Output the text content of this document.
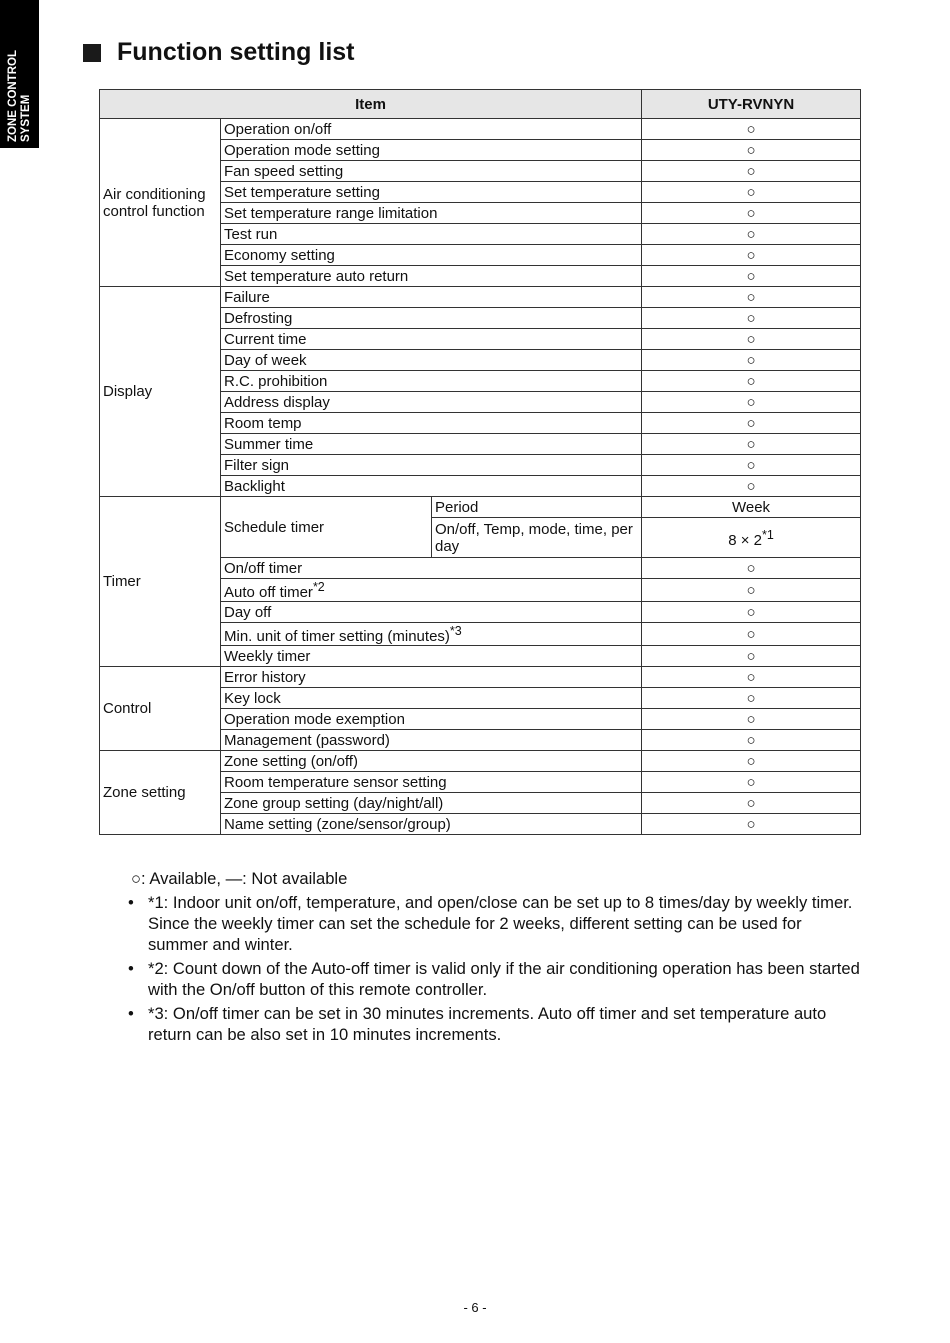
ZONE CONTROL SYSTEM
Function setting list
Item			UTY-RVNYN
Air conditioning control function	Operation on/off		○
	Operation mode setting		○
	Fan speed setting		○
	Set temperature setting		○
	Set temperature range limitation		○
	Test run		○
	Economy setting		○
	Set temperature auto return		○
Display	Failure		○
	Defrosting		○
	Current time		○
	Day of week		○
	R.C. prohibition		○
	Address display		○
	Room temp		○
	Summer time		○
	Filter sign		○
	Backlight		○
Timer	Schedule timer	Period	Week
		On/off, Temp, mode, time, per day	$8 \times 2^{*1}$
	On/off timer		○
	Auto off timer$^{*2}$		○
	Day off		○
	Min. unit of timer setting (minutes)$^{*3}$		○
	Weekly timer		○
Control	Error history		○
	Key lock		○
	Operation mode exemption		○
	Management (password)		○
Zone setting	Zone setting (on/off)		○
	Room temperature sensor setting		○
	Zone group setting (day/night/all)		○
	Name setting (zone/sensor/group)		○
○: Available, —: Not available
• *1: Indoor unit on/off, temperature, and open/close can be set up to 8 times/day by weekly timer.
Since the weekly timer can set the schedule for 2 weeks, different setting can be used for summer and winter.
• *2: Count down of the Auto-off timer is valid only if the air conditioning operation has been started with the On/off button of this remote controller.
• *3: On/off timer can be set in 30 minutes increments. Auto off timer and set temperature auto return can be also set in 10 minutes increments.
- 6 -
